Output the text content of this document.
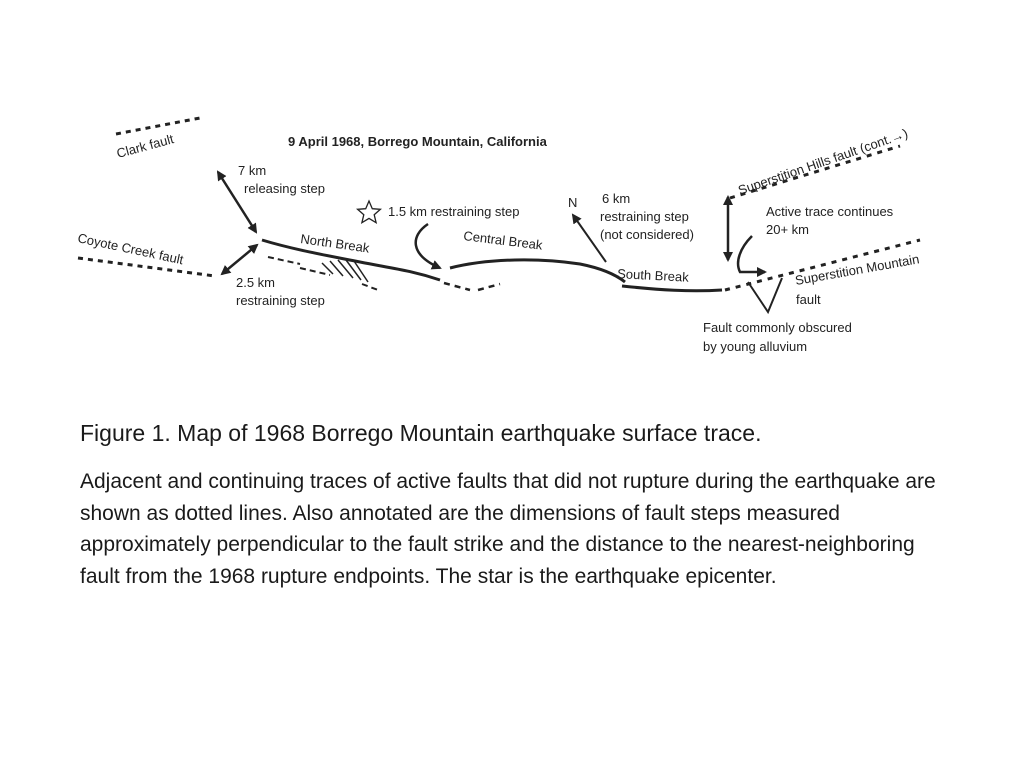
9 April 1968, Borrego Mountain, California
Clark fault
Coyote Creek fault
7 km
releasing step
2.5 km
restraining step
North Break
1.5 km restraining step
Central Break
N 6 km
restraining step
(not considered)
South Break
Superstition Hills fault (cont.→)
Active trace continues
20+ km
Superstition Mountain
fault
Fault commonly obscured
by young alluvium
Figure 1. Map of 1968 Borrego Mountain earthquake surface trace.

Adjacent and continuing traces of active faults that did not rupture during the earthquake are shown as dotted lines. Also annotated are the dimensions of fault steps measured approximately perpendicular to the fault strike and the distance to the nearest-neighboring fault from the 1968 rupture endpoints. The star is the earthquake epicenter.
